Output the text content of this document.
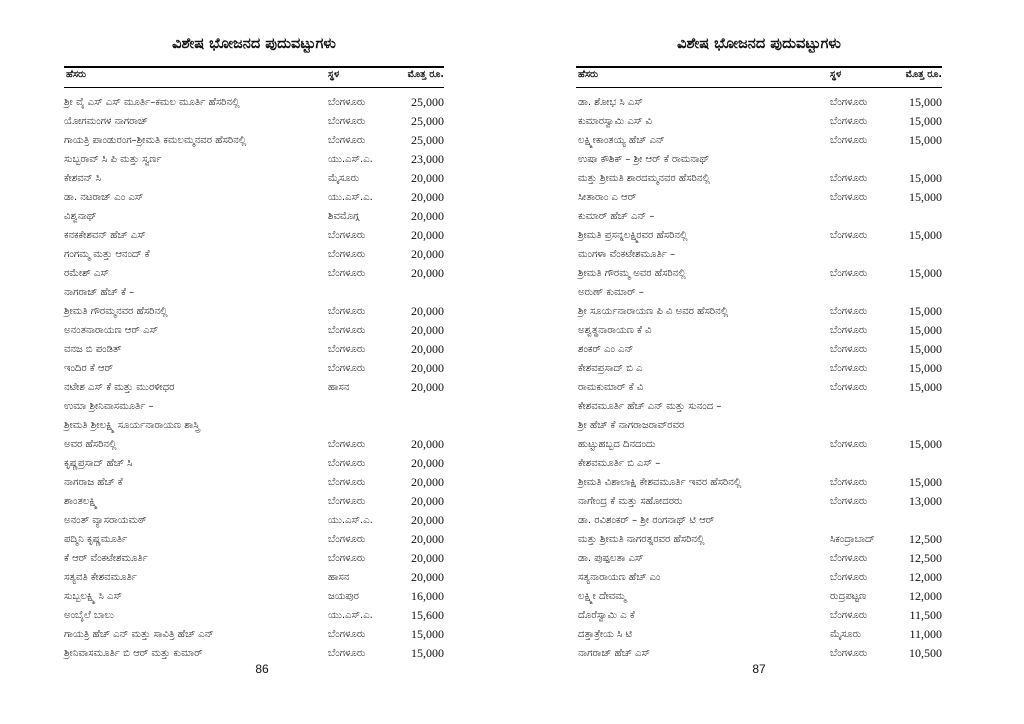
ವಿಶೇಷ ಭೋಜನದ ಪುದುವಟ್ಟುಗಳು
ಹೆಸರು	ಸ್ಥಳ	ಮೊತ್ತ ರೂ.
ಶ್ರೀ ವೈ ಎಸ್ ಎಸ್ ಮೂರ್ತಿ–ಕಮಲ ಮೂರ್ತಿ ಹೆಸರಿನಲ್ಲಿ	ಬೆಂಗಳೂರು	25,000
ಯೋಗಮಂಗಳ ನಾಗರಾಜ್	ಬೆಂಗಳೂರು	25,000
ಗಾಯತ್ರಿ ಪಾಂಡುರಂಗ–ಶ್ರೀಮತಿ ಕಮಲಮ್ಮನವರ ಹೆಸರಿನಲ್ಲಿ	ಬೆಂಗಳೂರು	25,000
ಸುಬ್ಬರಾವ್ ಸಿ ಪಿ ಮತ್ತು ಸ್ವರ್ಣ	ಯು.ಎಸ್.ಎ.	23,000
ಕೇಶವನ್ ಸಿ	ಮೈಸೂರು	20,000
ಡಾ. ನಟರಾಜ್ ಎಂ ಎಸ್	ಯು.ಎಸ್.ಎ.	20,000
ವಿಶ್ವನಾಥ್	ಶಿವಮೊಗ್ಗ	20,000
ಕನಕಕೇಶವನ್ ಹೆಚ್ ಎಸ್	ಬೆಂಗಳೂರು	20,000
ಗಂಗಮ್ಮ ಮತ್ತು ಆನಂದ್ ಕೆ	ಬೆಂಗಳೂರು	20,000
ರಮೇಶ್ ಎಸ್	ಬೆಂಗಳೂರು	20,000
ನಾಗರಾಜ್ ಹೆಚ್ ಕೆ –
ಶ್ರೀಮತಿ ಗೌರಮ್ಮನವರ ಹೆಸರಿನಲ್ಲಿ	ಬೆಂಗಳೂರು	20,000
ಅನಂತನಾರಾಯಣ ಆರ್ ಎಸ್	ಬೆಂಗಳೂರು	20,000
ವನಜ ಬಿ ಪಂಡಿತ್	ಬೆಂಗಳೂರು	20,000
ಇಂದಿರ ಕೆ ಆರ್	ಬೆಂಗಳೂರು	20,000
ನಟೇಶ ಎಸ್ ಕೆ ಮತ್ತು ಮುರಳೀಧರ	ಹಾಸನ	20,000
ಉಮಾ ಶ್ರೀನಿವಾಸಮೂರ್ತಿ –
ಶ್ರೀಮತಿ ಶ್ರೀಲಕ್ಷ್ಮಿ ಸೂರ್ಯನಾರಾಯಣ ಶಾಸ್ತ್ರಿ
ಅವರ ಹೆಸರಿನಲ್ಲಿ	ಬೆಂಗಳೂರು	20,000
ಕೃಷ್ಣಪ್ರಸಾದ್ ಹೆಚ್ ಸಿ	ಬೆಂಗಳೂರು	20,000
ನಾಗರಾಜ ಹೆಚ್ ಕೆ	ಬೆಂಗಳೂರು	20,000
ಶಾಂತಲಕ್ಷ್ಮಿ	ಬೆಂಗಳೂರು	20,000
ಅನಂತ್ ವ್ಯಾಸರಾಯಮಠ್	ಯು.ಎಸ್.ಎ.	20,000
ಪದ್ಮಿನಿ ಕೃಷ್ಣಮೂರ್ತಿ	ಬೆಂಗಳೂರು	20,000
ಕೆ ಆರ್ ವೆಂಕಟೇಶಮೂರ್ತಿ	ಬೆಂಗಳೂರು	20,000
ಸತ್ಯವತಿ ಕೇಶವಮೂರ್ತಿ	ಹಾಸನ	20,000
ಸುಬ್ಬಲಕ್ಷ್ಮಿ ಸಿ ಎಸ್	ಜಯಪುರ	16,000
ಅಂಬೈಲೆ ಬಾಲು	ಯು.ಎಸ್.ಎ.	15,600
ಗಾಯತ್ರಿ ಹೆಚ್ ಎನ್ ಮತ್ತು ಸಾವಿತ್ರಿ ಹೆಚ್ ಎನ್	ಬೆಂಗಳೂರು	15,000
ಶ್ರೀನಿವಾಸಮೂರ್ತಿ ಬಿ ಆರ್ ಮತ್ತು ಕುಮಾರ್	ಬೆಂಗಳೂರು	15,000
86
ವಿಶೇಷ ಭೋಜನದ ಪುದುವಟ್ಟುಗಳು
ಹೆಸರು	ಸ್ಥಳ	ಮೊತ್ತ ರೂ.
ಡಾ. ಶೋಭ ಸಿ ಎಸ್	ಬೆಂಗಳೂರು	15,000
ಕುಮಾರಸ್ವಾಮಿ ಎಸ್ ವಿ	ಬೆಂಗಳೂರು	15,000
ಲಕ್ಷ್ಮೀಕಾಂತಯ್ಯ ಹೆಚ್ ಎನ್	ಬೆಂಗಳೂರು	15,000
ಉಷಾ ಕೌಶಿಕ್ – ಶ್ರೀ ಆರ್ ಕೆ ರಾಮನಾಥ್
ಮತ್ತು ಶ್ರೀಮತಿ ಶಾರದಮ್ಮನವರ ಹೆಸರಿನಲ್ಲಿ	ಬೆಂಗಳೂರು	15,000
ಸೀತಾರಾಂ ಎ ಆರ್	ಬೆಂಗಳೂರು	15,000
ಕುಮಾರ್ ಹೆಚ್ ಎನ್ –
ಶ್ರೀಮತಿ ಪ್ರಸನ್ನಲಕ್ಷ್ಮಿರವರ ಹೆಸರಿನಲ್ಲಿ	ಬೆಂಗಳೂರು	15,000
ಮಂಗಳಾ ವೆಂಕಟೇಶಮೂರ್ತಿ –
ಶ್ರೀಮತಿ ಗೌರಮ್ಮ ಅವರ ಹೆಸರಿನಲ್ಲಿ	ಬೆಂಗಳೂರು	15,000
ಅರುಣ್ ಕುಮಾರ್ –
ಶ್ರೀ ಸೂರ್ಯನಾರಾಯಣ ಪಿ ವಿ ಅವರ ಹೆಸರಿನಲ್ಲಿ	ಬೆಂಗಳೂರು	15,000
ಅಶ್ವತ್ಥನಾರಾಯಣ ಕೆ ವಿ	ಬೆಂಗಳೂರು	15,000
ಶಂಕರ್ ಎಂ ಎನ್	ಬೆಂಗಳೂರು	15,000
ಕೇಶವಪ್ರಸಾದ್ ಬಿ ಎ	ಬೆಂಗಳೂರು	15,000
ರಾಮಕುಮಾರ್ ಕೆ ವಿ	ಬೆಂಗಳೂರು	15,000
ಕೇಶವಮೂರ್ತಿ ಹೆಚ್ ಎನ್ ಮತ್ತು ಸುನಂದ –
ಶ್ರೀ ಹೆಚ್ ಕೆ ನಾಗರಾಜರಾವ್‌ರವರ
ಹುಟ್ಟುಹಬ್ಬದ ದಿನದಂದು	ಬೆಂಗಳೂರು	15,000
ಕೇಶವಮೂರ್ತಿ ಬಿ ಎಸ್ –
ಶ್ರೀಮತಿ ವಿಶಾಲಾಕ್ಷಿ ಕೇಶವಮೂರ್ತಿ ಇವರ ಹೆಸರಿನಲ್ಲಿ	ಬೆಂಗಳೂರು	15,000
ನಾಗೇಂದ್ರ ಕೆ ಮತ್ತು ಸಹೋದರರು	ಬೆಂಗಳೂರು	13,000
ಡಾ. ರವಿಶಂಕರ್ – ಶ್ರೀ ರಂಗನಾಥ್ ಟಿ ಆರ್
ಮತ್ತು ಶ್ರೀಮತಿ ನಾಗರತ್ನರವರ ಹೆಸರಿನಲ್ಲಿ	ಸಿಕಂದ್ರಾಬಾದ್	12,500
ಡಾ. ಪುಷ್ಪಲತಾ ಎಸ್	ಬೆಂಗಳೂರು	12,500
ಸತ್ಯನಾರಾಯಣ ಹೆಚ್ ಎಂ	ಬೆಂಗಳೂರು	12,000
ಲಕ್ಷ್ಮೀ ದೇವಮ್ಮ	ರುದ್ರಪಟ್ಟಣ	12,000
ದೊರೆಸ್ವಾಮಿ ಎ ಕೆ	ಬೆಂಗಳೂರು	11,500
ದತ್ತಾತ್ರೇಯ ಸಿ ಟಿ	ಮೈಸೂರು	11,000
ನಾಗರಾಜ್ ಹೆಚ್ ಎಸ್	ಬೆಂಗಳೂರು	10,500
87
